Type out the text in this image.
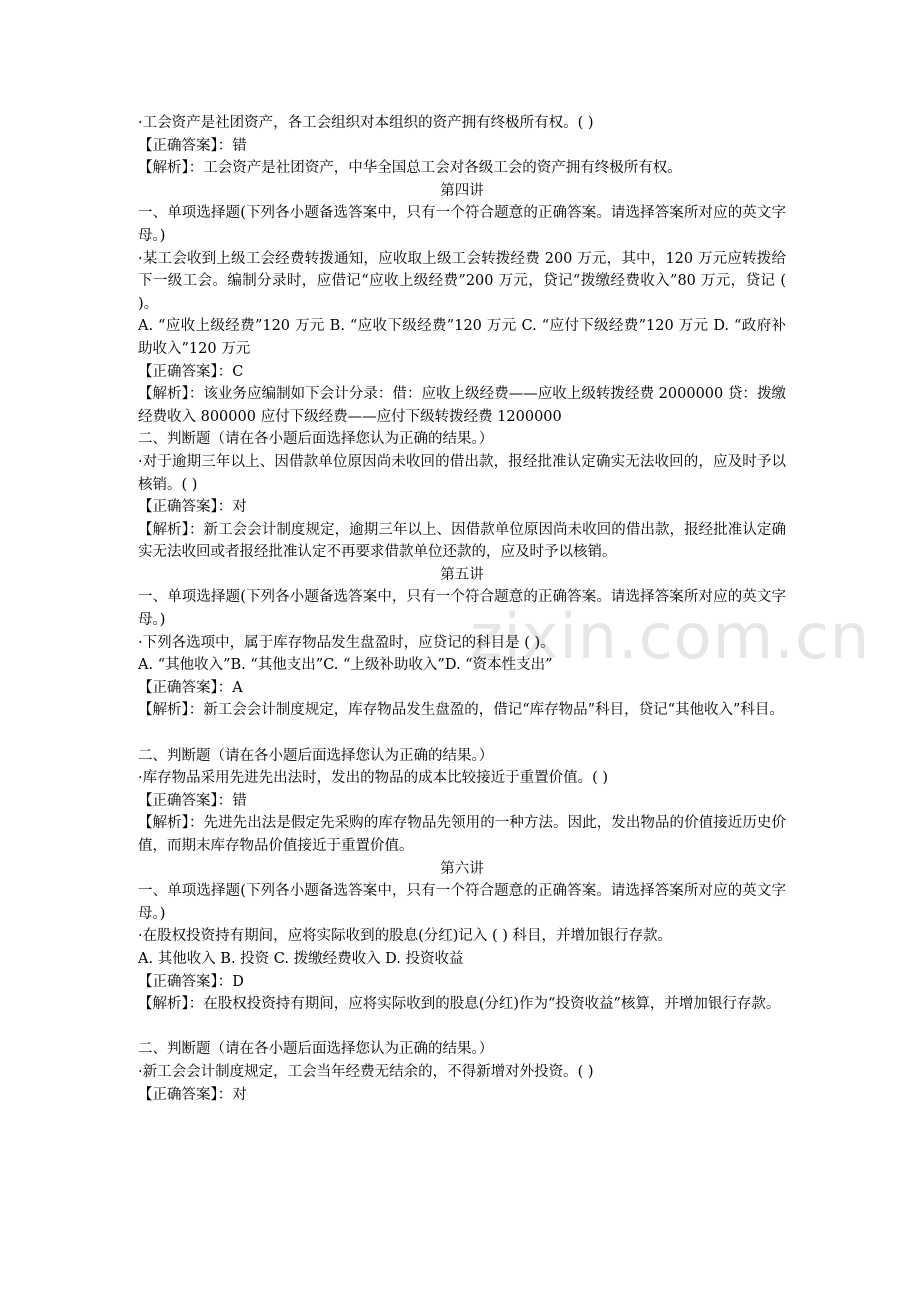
zixin.com.cn
·工会资产是社团资产，各工会组织对本组织的资产拥有终极所有权。( )
【正确答案】：错
【解析】：工会资产是社团资产，中华全国总工会对各级工会的资产拥有终极所有权。
第四讲
一、单项选择题(下列各小题备选答案中，只有一个符合题意的正确答案。请选择答案所对应的英文字母。)
·某工会收到上级工会经费转拨通知，应收取上级工会转拨经费 200 万元，其中，120 万元应转拨给下一级工会。编制分录时，应借记“应收上级经费”200 万元，贷记“拨缴经费收入”80 万元，贷记 ( )。
A. “应收上级经费”120 万元 B. “应收下级经费”120 万元 C. “应付下级经费”120 万元 D. “政府补助收入”120 万元
【正确答案】：C
【解析】：该业务应编制如下会计分录：借：应收上级经费——应收上级转拨经费 2000000 贷：拨缴经费收入 800000 应付下级经费——应付下级转拨经费 1200000
二、判断题（请在各小题后面选择您认为正确的结果。）
·对于逾期三年以上、因借款单位原因尚未收回的借出款，报经批准认定确实无法收回的，应及时予以核销。( )
【正确答案】：对
【解析】：新工会会计制度规定，逾期三年以上、因借款单位原因尚未收回的借出款，报经批准认定确实无法收回或者报经批准认定不再要求借款单位还款的，应及时予以核销。
第五讲
一、单项选择题(下列各小题备选答案中，只有一个符合题意的正确答案。请选择答案所对应的英文字母。)
·下列各选项中，属于库存物品发生盘盈时，应贷记的科目是 ( )。
A. “其他收入”B. “其他支出”C. “上级补助收入”D. “资本性支出”
【正确答案】：A
【解析】：新工会会计制度规定，库存物品发生盘盈的，借记“库存物品”科目，贷记“其他收入”科目。
二、判断题（请在各小题后面选择您认为正确的结果。）
·库存物品采用先进先出法时，发出的物品的成本比较接近于重置价值。( )
【正确答案】：错
【解析】：先进先出法是假定先采购的库存物品先领用的一种方法。因此，发出物品的价值接近历史价值，而期末库存物品价值接近于重置价值。
第六讲
一、单项选择题(下列各小题备选答案中，只有一个符合题意的正确答案。请选择答案所对应的英文字母。)
·在股权投资持有期间，应将实际收到的股息(分红)记入 ( ) 科目，并增加银行存款。
A. 其他收入 B. 投资 C. 拨缴经费收入 D. 投资收益
【正确答案】：D
【解析】：在股权投资持有期间，应将实际收到的股息(分红)作为“投资收益”核算，并增加银行存款。
二、判断题（请在各小题后面选择您认为正确的结果。）
·新工会会计制度规定，工会当年经费无结余的，不得新增对外投资。( )
【正确答案】：对
